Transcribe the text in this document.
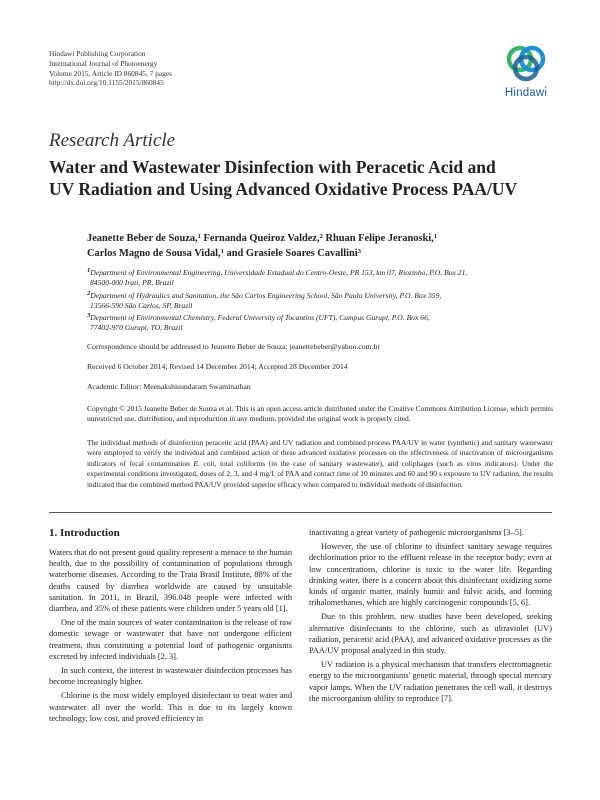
Hindawi Publishing Corporation
International Journal of Photoenergy
Volume 2015, Article ID 860845, 7 pages
http://dx.doi.org/10.1155/2015/860845
Hindawi
Research Article
Water and Wastewater Disinfection with Peracetic Acid and
UV Radiation and Using Advanced Oxidative Process PAA/UV
Jeanette Beber de Souza,$^1$ Fernanda Queiroz Valdez,$^2$ Rhuan Felipe Jeranoski,$^1$
Carlos Magno de Sousa Vidal,$^1$ and Grasiele Soares Cavallini$^3$
$^1$Department of Environmental Engineering, Universidade Estadual do Centro-Oeste, PR 153, km 07, Riozinho, P.O. Box 21,
84500-000 Irati, PR, Brazil
$^2$Department of Hydraulics and Sanitation, the São Carlos Engineering School, São Paulo University, P.O. Box 359,
13566-590 São Carlos, SP, Brazil
$^3$Department of Environmental Chemistry, Federal University of Tocantins (UFT), Campus Gurupi, P.O. Box 66,
77402-970 Gurupi, TO, Brazil
Correspondence should be addressed to Jeanette Beber de Souza; jeanettebeber@yahoo.com.br
Received 6 October 2014; Revised 14 December 2014; Accepted 28 December 2014
Academic Editor: Meenakshisundaram Swaminathan
Copyright © 2015 Jeanette Beber de Souza et al. This is an open access article distributed under the Creative Commons Attribution License, which permits unrestricted use, distribution, and reproduction in any medium, provided the original work is properly cited.
The individual methods of disinfection peracetic acid (PAA) and UV radiation and combined process PAA/UV in water (synthetic) and sanitary wastewater were employed to verify the individual and combined action of these advanced oxidative processes on the effectiveness of inactivation of microorganisms indicators of fecal contamination E. coli, total coliforms (in the case of sanitary wastewater), and coliphages (such as virus indicators). Under the experimental conditions investigated, doses of 2, 3, and 4 mg/L of PAA and contact time of 10 minutes and 60 and 90 s exposure to UV radiation, the results indicated that the combined method PAA/UV provided superior efficacy when compared to individual methods of disinfection.
1. Introduction

Waters that do not present good quality represent a menace to the human health, due to the possibility of contamination of populations through waterborne diseases. According to the Trata Brasil Institute, 88% of the deaths caused by diarrhea worldwide are caused by unsuitable sanitation. In 2011, in Brazil, 396.048 people were infected with diarrhea, and 35% of these patients were children under 5 years old [1].

One of the main sources of water contamination is the release of raw domestic sewage or wastewater that have not undergone efficient treatment, thus constituting a potential load of pathogenic organisms excreted by infected individuals [2, 3].

In such context, the interest in wastewater disinfection processes has become increasingly higher.

Chlorine is the most widely employed disinfectant to treat water and wastewater all over the world. This is due to its largely known technology, low cost, and proved efficiency in

inactivating a great variety of pathogenic microorganisms [3–5].

However, the use of chlorine to disinfect sanitary sewage requires dechlorination prior to the effluent release in the receptor body; even at low concentrations, chlorine is toxic to the water life. Regarding drinking water, there is a concern about this disinfectant oxidizing some kinds of organic matter, mainly humic and fulvic acids, and forming trihalomethanes, which are highly carcinogenic compounds [5, 6].

Due to this problem, new studies have been developed, seeking alternative disinfectants to the chlorine, such as ultraviolet (UV) radiation, peracetic acid (PAA), and advanced oxidative processes as the PAA/UV proposal analyzed in this study.

UV radiation is a physical mechanism that transfers electromagnetic energy to the microorganisms' genetic material, through special mercury vapor lamps. When the UV radiation penetrates the cell wall, it destroys the microorganism ability to reproduce [7].
